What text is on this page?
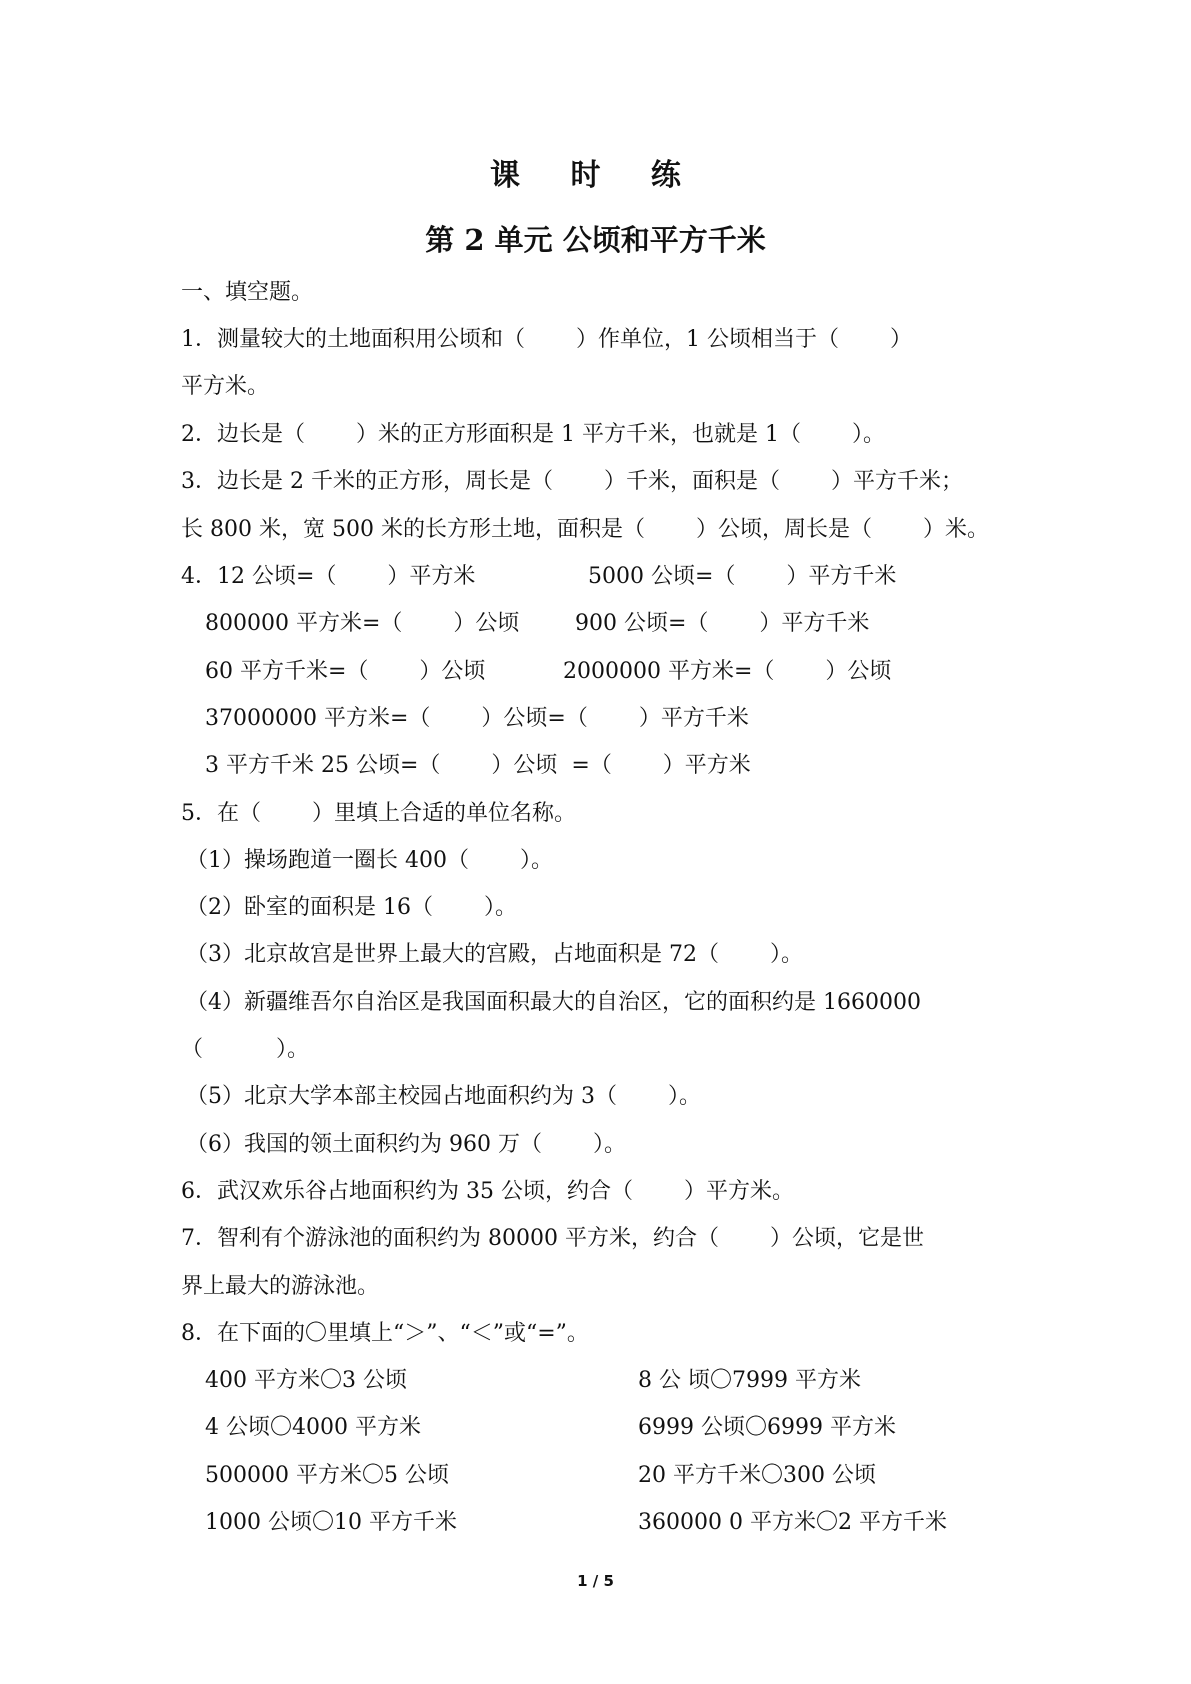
课 时 练
第 2 单元 公顷和平方千米
一、填空题。
1．测量较大的土地面积用公顷和（　　 ）作单位，1 公顷相当于（　　 ）
平方米。
2．边长是（　　 ）米的正方形面积是 1 平方千米，也就是 1（　　 ）。
3．边长是 2 千米的正方形，周长是（　　 ）千米，面积是（　　 ）平方千米；
长 800 米，宽 500 米的长方形土地，面积是（　　 ）公顷，周长是（　　 ）米。
4．12 公顷=（　　 ）平方米	5000 公顷=（　　 ）平方千米
800000 平方米=（　　 ）公顷	900 公顷=（　　 ）平方千米
60 平方千米=（　　 ）公顷	2000000 平方米=（　　 ）公顷
37000000 平方米=（　　 ）公顷=（　　 ）平方千米
3 平方千米 25 公顷=（　　 ）公顷  =（　　 ）平方米
5．在（　　 ）里填上合适的单位名称。
（1）操场跑道一圈长 400（　　 ）。
（2）卧室的面积是 16（　　 ）。
（3）北京故宫是世界上最大的宫殿，占地面积是 72（　　 ）。
（4）新疆维吾尔自治区是我国面积最大的自治区，它的面积约是 1660000
（　　　 ）。
（5）北京大学本部主校园占地面积约为 3（　　 ）。
（6）我国的领土面积约为 960 万（　　 ）。
6．武汉欢乐谷占地面积约为 35 公顷，约合（　　 ）平方米。
7．智利有个游泳池的面积约为 80000 平方米，约合（　　 ）公顷，它是世
界上最大的游泳池。
8．在下面的〇里填上“＞”、“＜”或“=”。
400 平方米〇3 公顷	8 公 顷〇7999 平方米
4 公顷〇4000 平方米	6999 公顷〇6999 平方米
500000 平方米〇5 公顷	20 平方千米〇300 公顷
1000 公顷〇10 平方千米	360000 0 平方米〇2 平方千米
1 / 5
